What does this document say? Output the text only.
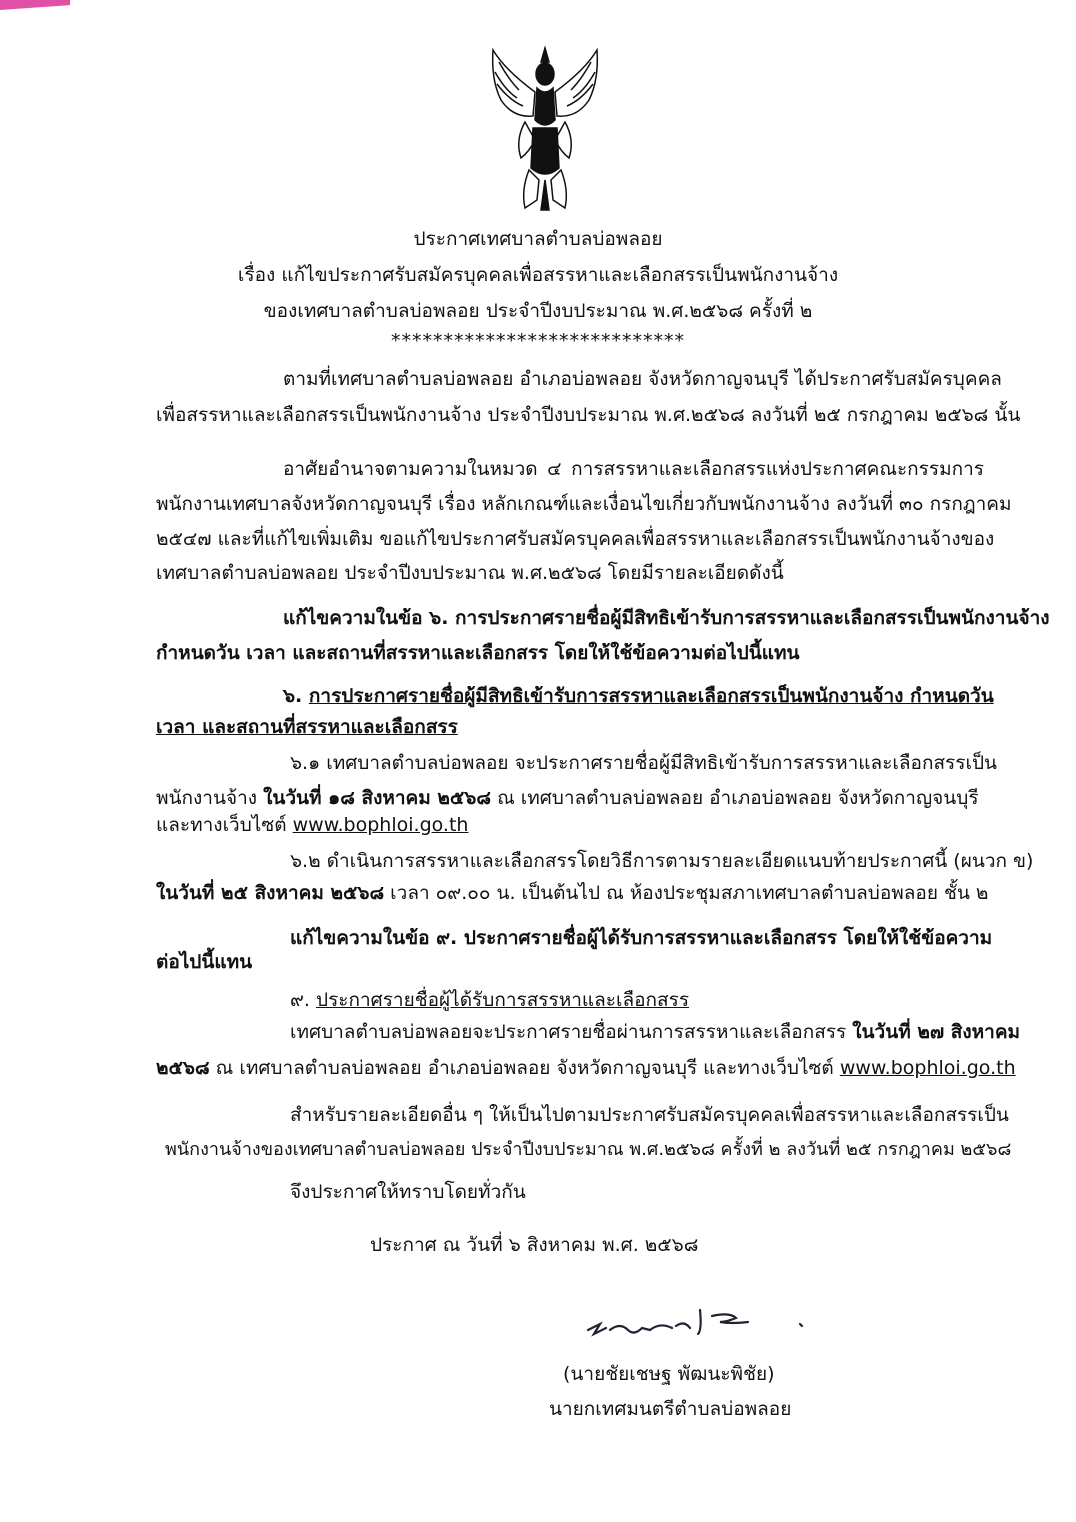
ประกาศเทศบาลตำบลบ่อพลอย
เรื่อง แก้ไขประกาศรับสมัครบุคคลเพื่อสรรหาและเลือกสรรเป็นพนักงานจ้าง
ของเทศบาลตำบลบ่อพลอย ประจำปีงบประมาณ พ.ศ.๒๕๖๘ ครั้งที่ ๒
****************************
ตามที่เทศบาลตำบลบ่อพลอย อำเภอบ่อพลอย จังหวัดกาญจนบุรี ได้ประกาศรับสมัครบุคคล
เพื่อสรรหาและเลือกสรรเป็นพนักงานจ้าง ประจำปีงบประมาณ พ.ศ.๒๕๖๘ ลงวันที่ ๒๕ กรกฎาคม ๒๕๖๘ นั้น
อาศัยอำนาจตามความในหมวด ๔ การสรรหาและเลือกสรรแห่งประกาศคณะกรรมการ
พนักงานเทศบาลจังหวัดกาญจนบุรี เรื่อง หลักเกณฑ์และเงื่อนไขเกี่ยวกับพนักงานจ้าง ลงวันที่ ๓๐ กรกฎาคม
๒๕๔๗ และที่แก้ไขเพิ่มเติม ขอแก้ไขประกาศรับสมัครบุคคลเพื่อสรรหาและเลือกสรรเป็นพนักงานจ้างของ
เทศบาลตำบลบ่อพลอย ประจำปีงบประมาณ พ.ศ.๒๕๖๘ โดยมีรายละเอียดดังนี้
แก้ไขความในข้อ ๖. การประกาศรายชื่อผู้มีสิทธิเข้ารับการสรรหาและเลือกสรรเป็นพนักงานจ้าง
กำหนดวัน เวลา และสถานที่สรรหาและเลือกสรร โดยให้ใช้ข้อความต่อไปนี้แทน
๖. การประกาศรายชื่อผู้มีสิทธิเข้ารับการสรรหาและเลือกสรรเป็นพนักงานจ้าง กำหนดวัน
เวลา และสถานที่สรรหาและเลือกสรร
๖.๑ เทศบาลตำบลบ่อพลอย จะประกาศรายชื่อผู้มีสิทธิเข้ารับการสรรหาและเลือกสรรเป็น
พนักงานจ้าง ในวันที่ ๑๘ สิงหาคม ๒๕๖๘ ณ เทศบาลตำบลบ่อพลอย อำเภอบ่อพลอย จังหวัดกาญจนบุรี
และทางเว็บไซต์ www.bophloi.go.th
๖.๒ ดำเนินการสรรหาและเลือกสรรโดยวิธีการตามรายละเอียดแนบท้ายประกาศนี้ (ผนวก ข)
ในวันที่ ๒๕ สิงหาคม ๒๕๖๘ เวลา ๐๙.๐๐ น. เป็นต้นไป ณ ห้องประชุมสภาเทศบาลตำบลบ่อพลอย ชั้น ๒
แก้ไขความในข้อ ๙. ประกาศรายชื่อผู้ได้รับการสรรหาและเลือกสรร โดยให้ใช้ข้อความ
ต่อไปนี้แทน
๙. ประกาศรายชื่อผู้ได้รับการสรรหาและเลือกสรร
เทศบาลตำบลบ่อพลอยจะประกาศรายชื่อผ่านการสรรหาและเลือกสรร ในวันที่ ๒๗ สิงหาคม
๒๕๖๘ ณ เทศบาลตำบลบ่อพลอย อำเภอบ่อพลอย จังหวัดกาญจนบุรี และทางเว็บไซต์ www.bophloi.go.th
สำหรับรายละเอียดอื่น ๆ ให้เป็นไปตามประกาศรับสมัครบุคคลเพื่อสรรหาและเลือกสรรเป็น
พนักงานจ้างของเทศบาลตำบลบ่อพลอย ประจำปีงบประมาณ พ.ศ.๒๕๖๘ ครั้งที่ ๒ ลงวันที่ ๒๕ กรกฎาคม ๒๕๖๘
จึงประกาศให้ทราบโดยทั่วกัน
ประกาศ ณ วันที่ ๖ สิงหาคม พ.ศ. ๒๕๖๘
(นายชัยเชษฐ พัฒนะพิชัย)
นายกเทศมนตรีตำบลบ่อพลอย
